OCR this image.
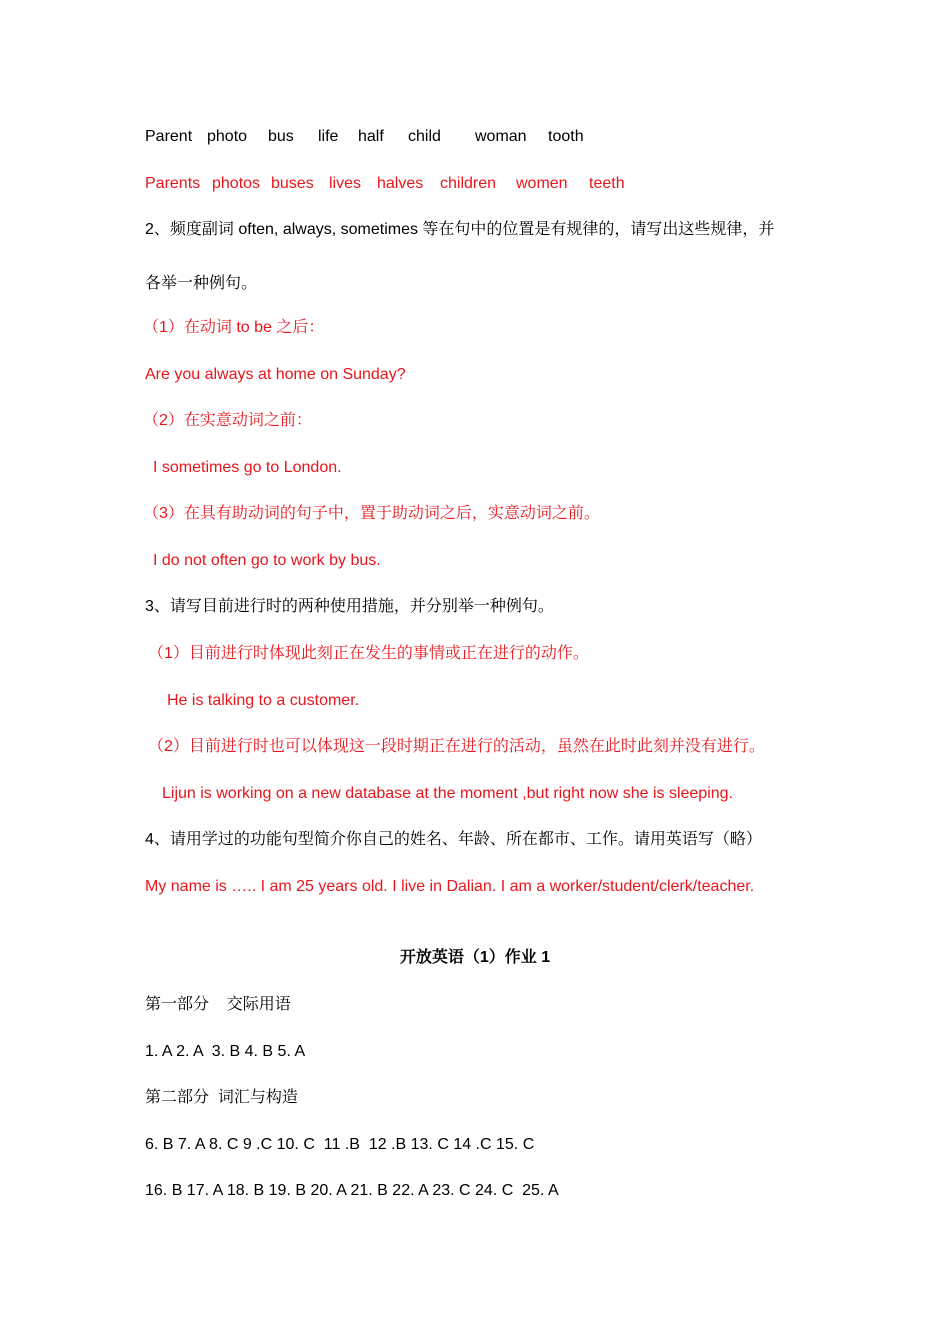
Parent

photo

bus

life

half

child

woman

tooth

Parents

photos

buses

lives

halves

children

women

teeth

2、频度副词 often, always, sometimes 等在句中的位置是有规律的，请写出这些规律，并
各举一种例句。
（1）在动词 to be 之后：
Are you always at home on Sunday?
（2）在实意动词之前：
I sometimes go to London.
（3）在具有助动词的句子中，置于助动词之后，实意动词之前。
I do not often go to work by bus.
3、请写目前进行时的两种使用措施，并分别举一种例句。
（1）目前进行时体现此刻正在发生的事情或正在进行的动作。
He is talking to a customer.
（2）目前进行时也可以体现这一段时期正在进行的活动，虽然在此时此刻并没有进行。
Lijun is working on a new database at the moment ,but right now she is sleeping.
4、请用学过的功能句型简介你自己的姓名、年龄、所在都市、工作。请用英语写（略）
My name is ….. I am 25 years old. I live in Dalian. I am a worker/student/clerk/teacher.
开放英语（1）作业 1
第一部分    交际用语
1. A 2. A  3. B 4. B 5. A
第二部分  词汇与构造
6. B 7. A 8. C 9 .C 10. C  11 .B  12 .B 13. C 14 .C 15. C
16. B 17. A 18. B 19. B 20. A 21. B 22. A 23. C 24. C  25. A
